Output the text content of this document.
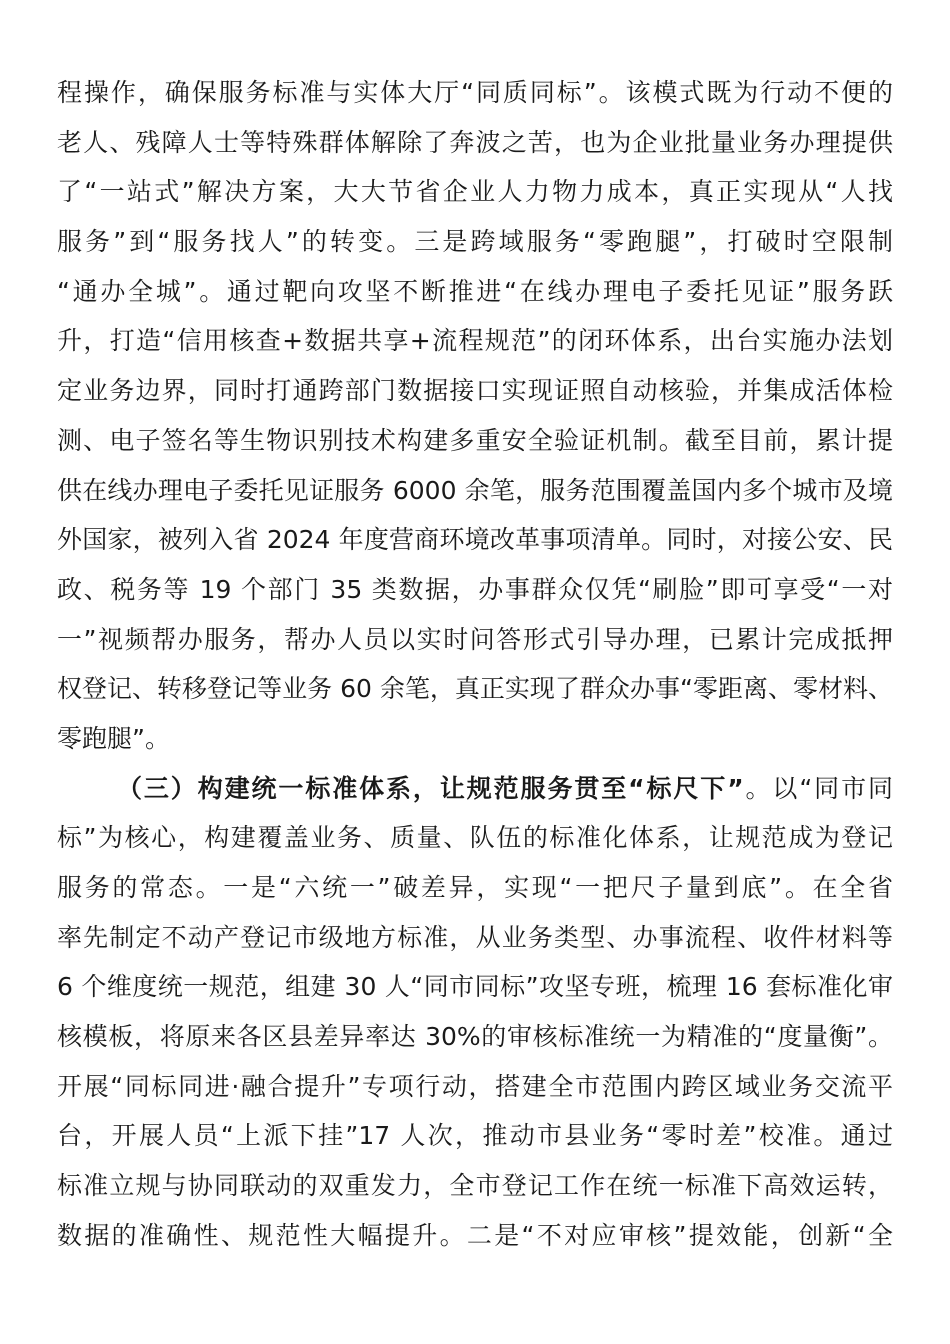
程操作，确保服务标准与实体大厅“同质同标”。该模式既为行动不便的
老人、残障人士等特殊群体解除了奔波之苦，也为企业批量业务办理提供
了“一站式”解决方案，大大节省企业人力物力成本，真正实现从“人找
服务”到“服务找人”的转变。三是跨域服务“零跑腿”，打破时空限制
“通办全城”。通过靶向攻坚不断推进“在线办理电子委托见证”服务跃
升，打造“信用核查+数据共享+流程规范”的闭环体系，出台实施办法划
定业务边界，同时打通跨部门数据接口实现证照自动核验，并集成活体检
测、电子签名等生物识别技术构建多重安全验证机制。截至目前，累计提
供在线办理电子委托见证服务 6000 余笔，服务范围覆盖国内多个城市及境
外国家，被列入省 2024 年度营商环境改革事项清单。同时，对接公安、民
政、税务等 19 个部门 35 类数据，办事群众仅凭“刷脸”即可享受“一对
一”视频帮办服务，帮办人员以实时问答形式引导办理，已累计完成抵押
权登记、转移登记等业务 60 余笔，真正实现了群众办事“零距离、零材料、
零跑腿”。
（三）构建统一标准体系，让规范服务贯至“标尺下”。以“同市同
标”为核心，构建覆盖业务、质量、队伍的标准化体系，让规范成为登记
服务的常态。一是“六统一”破差异，实现“一把尺子量到底”。在全省
率先制定不动产登记市级地方标准，从业务类型、办事流程、收件材料等
6 个维度统一规范，组建 30 人“同市同标”攻坚专班，梳理 16 套标准化审
核模板，将原来各区县差异率达 30%的审核标准统一为精准的“度量衡”。
开展“同标同进·融合提升”专项行动，搭建全市范围内跨区域业务交流平
台，开展人员“上派下挂”17 人次，推动市县业务“零时差”校准。通过
标准立规与协同联动的双重发力，全市登记工作在统一标准下高效运转，
数据的准确性、规范性大幅提升。二是“不对应审核”提效能，创新“全
